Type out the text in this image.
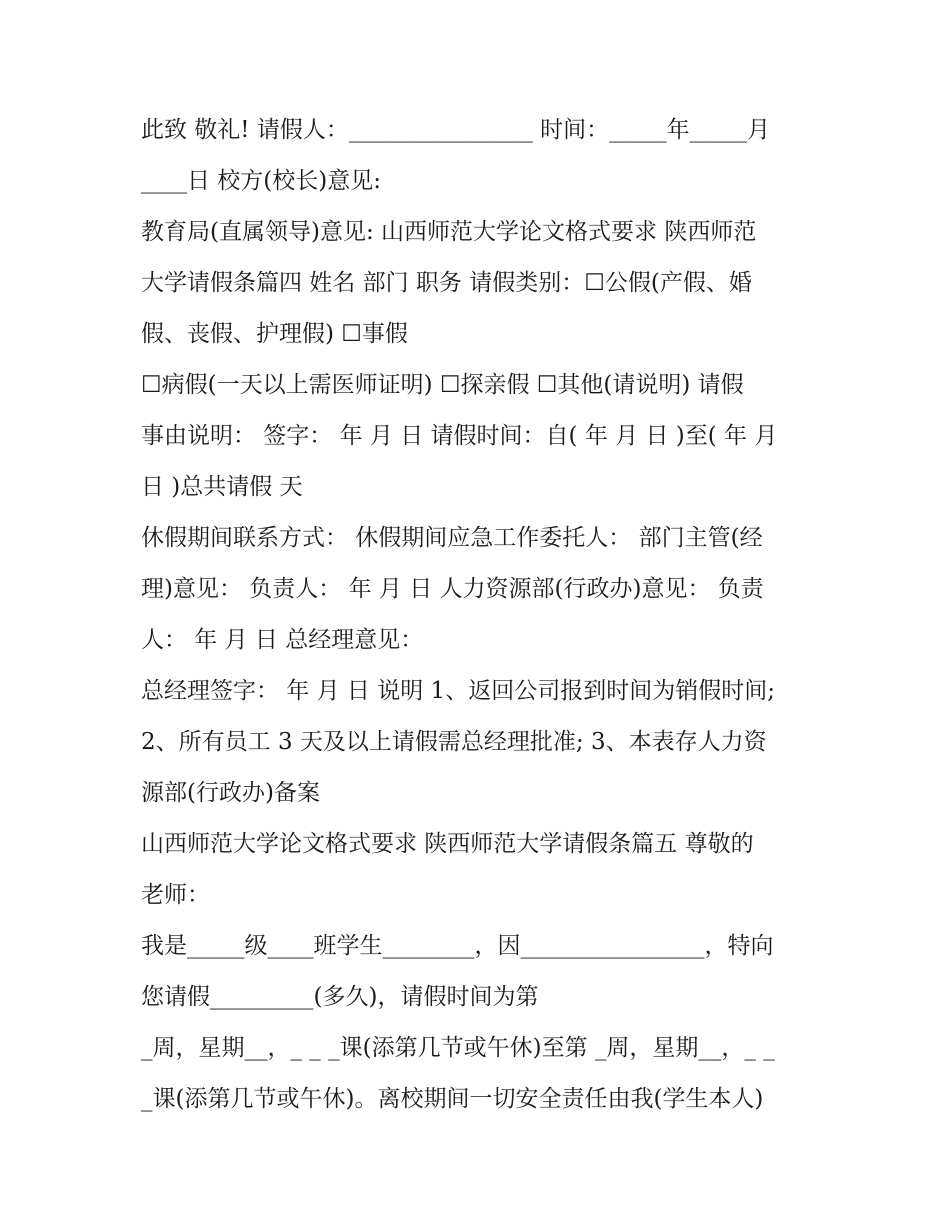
此致 敬礼! 请假人：________________ 时间：_____年_____月
____日 校方(校长)意见:
教育局(直属领导)意见: 山西师范大学论文格式要求 陕西师范
大学请假条篇四 姓名 部门 职务 请假类别：☐公假(产假、婚
假、丧假、护理假) ☐事假
☐病假(一天以上需医师证明) ☐探亲假 ☐其他(请说明) 请假
事由说明： 签字： 年 月 日 请假时间：自( 年 月 日 )至( 年 月
日 )总共请假 天
休假期间联系方式： 休假期间应急工作委托人： 部门主管(经
理)意见： 负责人： 年 月 日 人力资源部(行政办)意见： 负责
人： 年 月 日 总经理意见：
总经理签字： 年 月 日 说明 1、返回公司报到时间为销假时间;
2、所有员工 3 天及以上请假需总经理批准; 3、本表存人力资
源部(行政办)备案
山西师范大学论文格式要求 陕西师范大学请假条篇五 尊敬的
老师：
我是_____级____班学生________，因________________，特向
您请假_________(多久)，请假时间为第
_周，星期__，_ _ _课(添第几节或午休)至第 _周，星期__，_ _
_课(添第几节或午休)。离校期间一切安全责任由我(学生本人)
